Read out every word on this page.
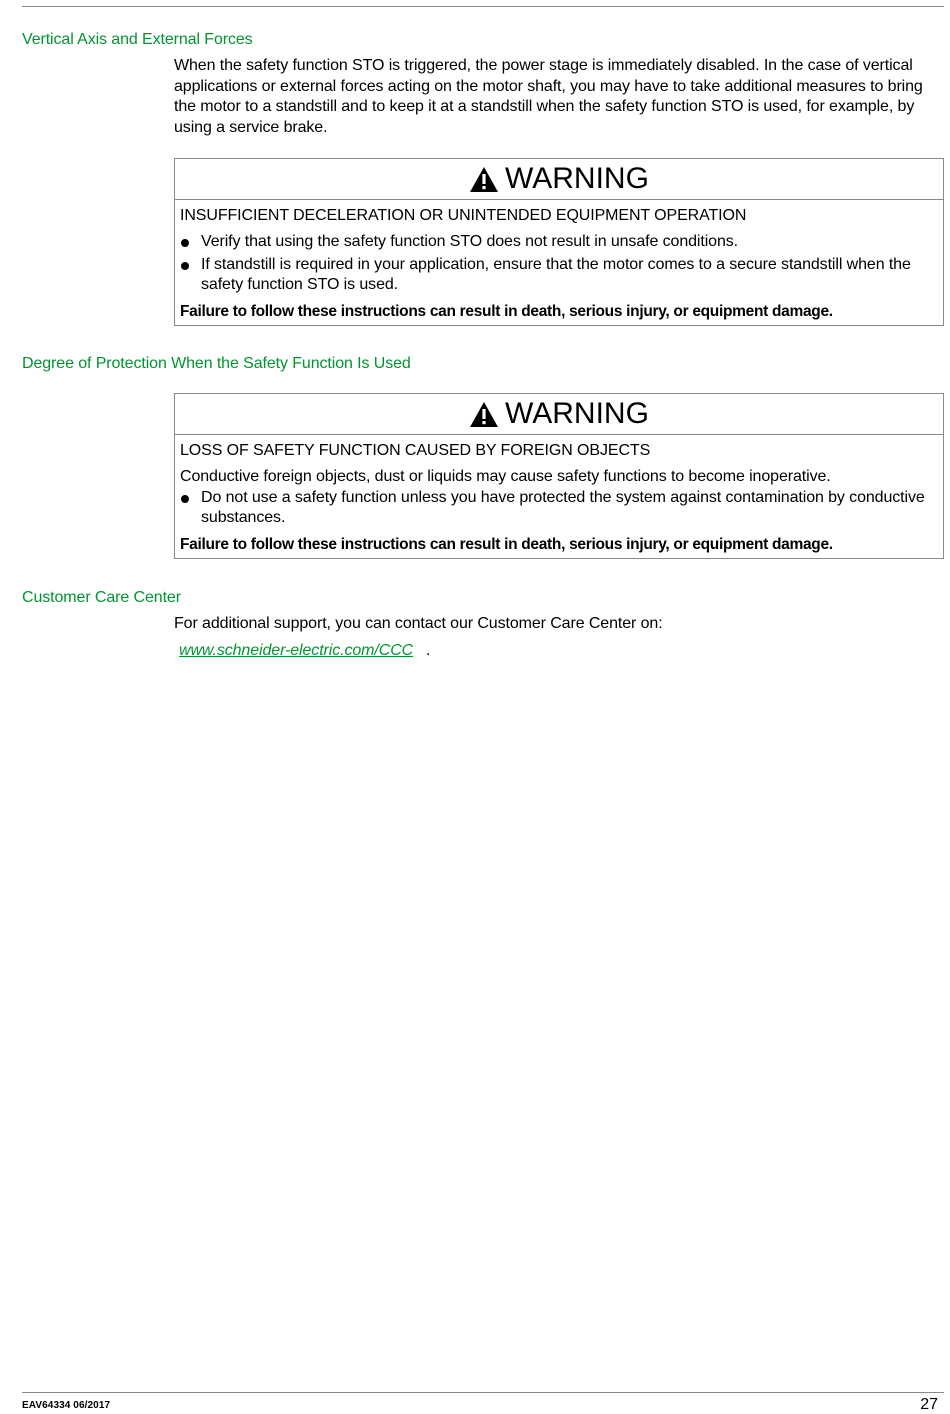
Vertical Axis and External Forces

When the safety function STO is triggered, the power stage is immediately disabled. In the case of vertical applications or external forces acting on the motor shaft, you may have to take additional measures to bring the motor to a standstill and to keep it at a standstill when the safety function STO is used, for example, by using a service brake.

WARNING

INSUFFICIENT DECELERATION OR UNINTENDED EQUIPMENT OPERATION

Verify that using the safety function STO does not result in unsafe conditions.
If standstill is required in your application, ensure that the motor comes to a secure standstill when the safety function STO is used.

Failure to follow these instructions can result in death, serious injury, or equipment damage.

Degree of Protection When the Safety Function Is Used
WARNING

LOSS OF SAFETY FUNCTION CAUSED BY FOREIGN OBJECTS

Conductive foreign objects, dust or liquids may cause safety functions to become inoperative.

Do not use a safety function unless you have protected the system against contamination by conductive substances.

Failure to follow these instructions can result in death, serious injury, or equipment damage.

Customer Care Center

For additional support, you can contact our Customer Care Center on:

www.schneider-electric.com/CCC .
EAV64334 06/2017	27
